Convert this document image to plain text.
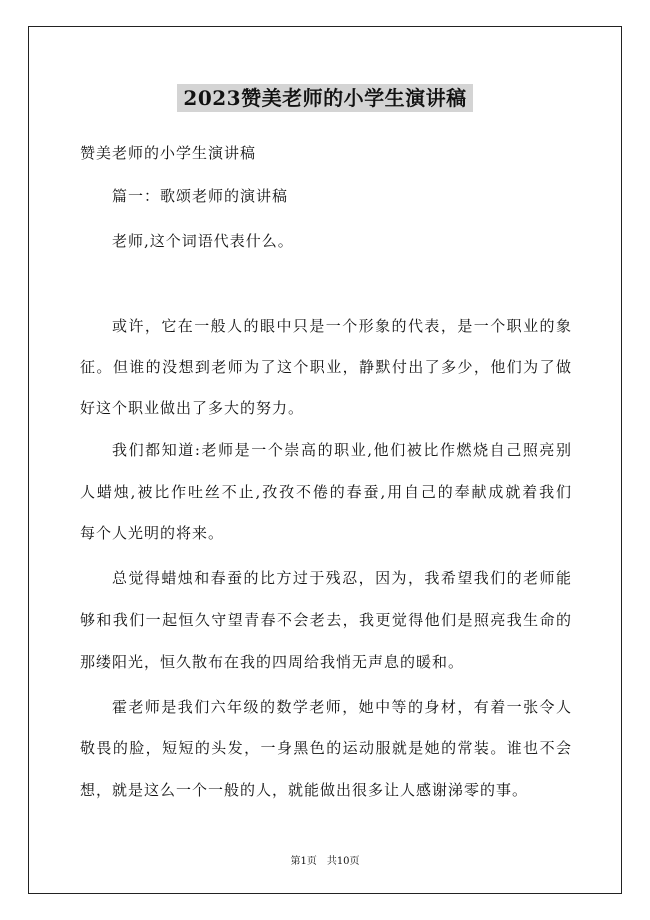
2023赞美老师的小学生演讲稿
赞美老师的小学生演讲稿
篇一：歌颂老师的演讲稿
老师,这个词语代表什么。
或许，它在一般人的眼中只是一个形象的代表，是一个职业的象
征。但谁的没想到老师为了这个职业，静默付出了多少，他们为了做
好这个职业做出了多大的努力。
我们都知道:老师是一个崇高的职业,他们被比作燃烧自己照亮别
人蜡烛,被比作吐丝不止,孜孜不倦的春蚕,用自己的奉献成就着我们
每个人光明的将来。
总觉得蜡烛和春蚕的比方过于残忍，因为，我希望我们的老师能
够和我们一起恒久守望青春不会老去，我更觉得他们是照亮我生命的
那缕阳光，恒久散布在我的四周给我悄无声息的暖和。
霍老师是我们六年级的数学老师，她中等的身材，有着一张令人
敬畏的脸，短短的头发，一身黑色的运动服就是她的常装。谁也不会
想，就是这么一个一般的人，就能做出很多让人感谢涕零的事。
第1页　共10页
